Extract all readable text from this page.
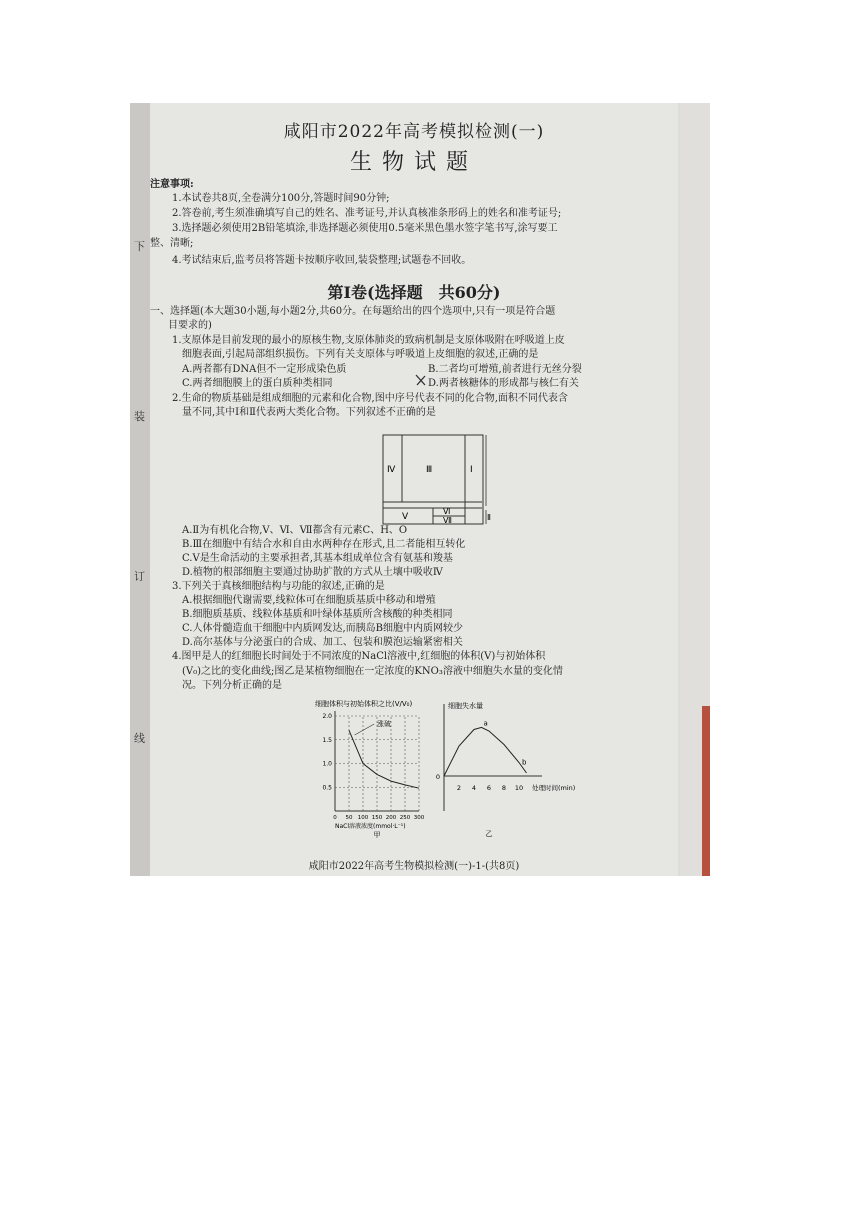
咸阳市2022年高考模拟检测(一)
生物试题
注意事项:
1.本试卷共8页,全卷满分100分,答题时间90分钟;
2.答卷前,考生须准确填写自己的姓名、准考证号,并认真核准条形码上的姓名和准考证号;
3.选择题必须使用2B铅笔填涂,非选择题必须使用0.5毫米黑色墨水签字笔书写,涂写要工
整、清晰;
4.考试结束后,监考员将答题卡按顺序收回,装袋整理;试题卷不回收。
第Ⅰ卷(选择题　共60分)
一、选择题(本大题30小题,每小题2分,共60分。在每题给出的四个选项中,只有一项是符合题
目要求的)
1.支原体是目前发现的最小的原核生物,支原体肺炎的致病机制是支原体吸附在呼吸道上皮
细胞表面,引起局部组织损伤。下列有关支原体与呼吸道上皮细胞的叙述,正确的是
A.两者都有DNA但不一定形成染色质	B.二者均可增殖,前者进行无丝分裂
C.两者细胞膜上的蛋白质种类相同	D.两者核糖体的形成都与核仁有关
2.生命的物质基础是组成细胞的元素和化合物,图中序号代表不同的化合物,面积不同代表含
量不同,其中Ⅰ和Ⅱ代表两大类化合物。下列叙述不正确的是
Ⅳ	Ⅲ	Ⅰ
Ⅴ
Ⅵ
Ⅶ	Ⅱ
A.Ⅱ为有机化合物,Ⅴ、Ⅵ、Ⅶ都含有元素C、H、O
B.Ⅲ在细胞中有结合水和自由水两种存在形式,且二者能相互转化
C.Ⅴ是生命活动的主要承担者,其基本组成单位含有氨基和羧基
D.植物的根部细胞主要通过协助扩散的方式从土壤中吸收Ⅳ
3.下列关于真核细胞结构与功能的叙述,正确的是
A.根据细胞代谢需要,线粒体可在细胞质基质中移动和增殖
B.细胞质基质、线粒体基质和叶绿体基质所含核酸的种类相同
C.人体骨髓造血干细胞中内质网发达,而胰岛B细胞中内质网较少
D.高尔基体与分泌蛋白的合成、加工、包装和膜泡运输紧密相关
4.图甲是人的红细胞长时间处于不同浓度的NaCl溶液中,红细胞的体积(V)与初始体积
(V₀)之比的变化曲线;图乙是某植物细胞在一定浓度的KNO₃溶液中细胞失水量的变化情
况。下列分析正确的是
细胞体积与初始体积之比(V/V₀)
0.5
1.0
1.5
2.0
0 50 100 150 200 250 300
涨破
NaCl溶液浓度(mmol·L⁻¹)
甲
细胞失水量
0
2 4 6 8 10
a
b
处理时间(min)
乙
咸阳市2022年高考生物模拟检测(一)-1-(共8页)
下
装
订
线
